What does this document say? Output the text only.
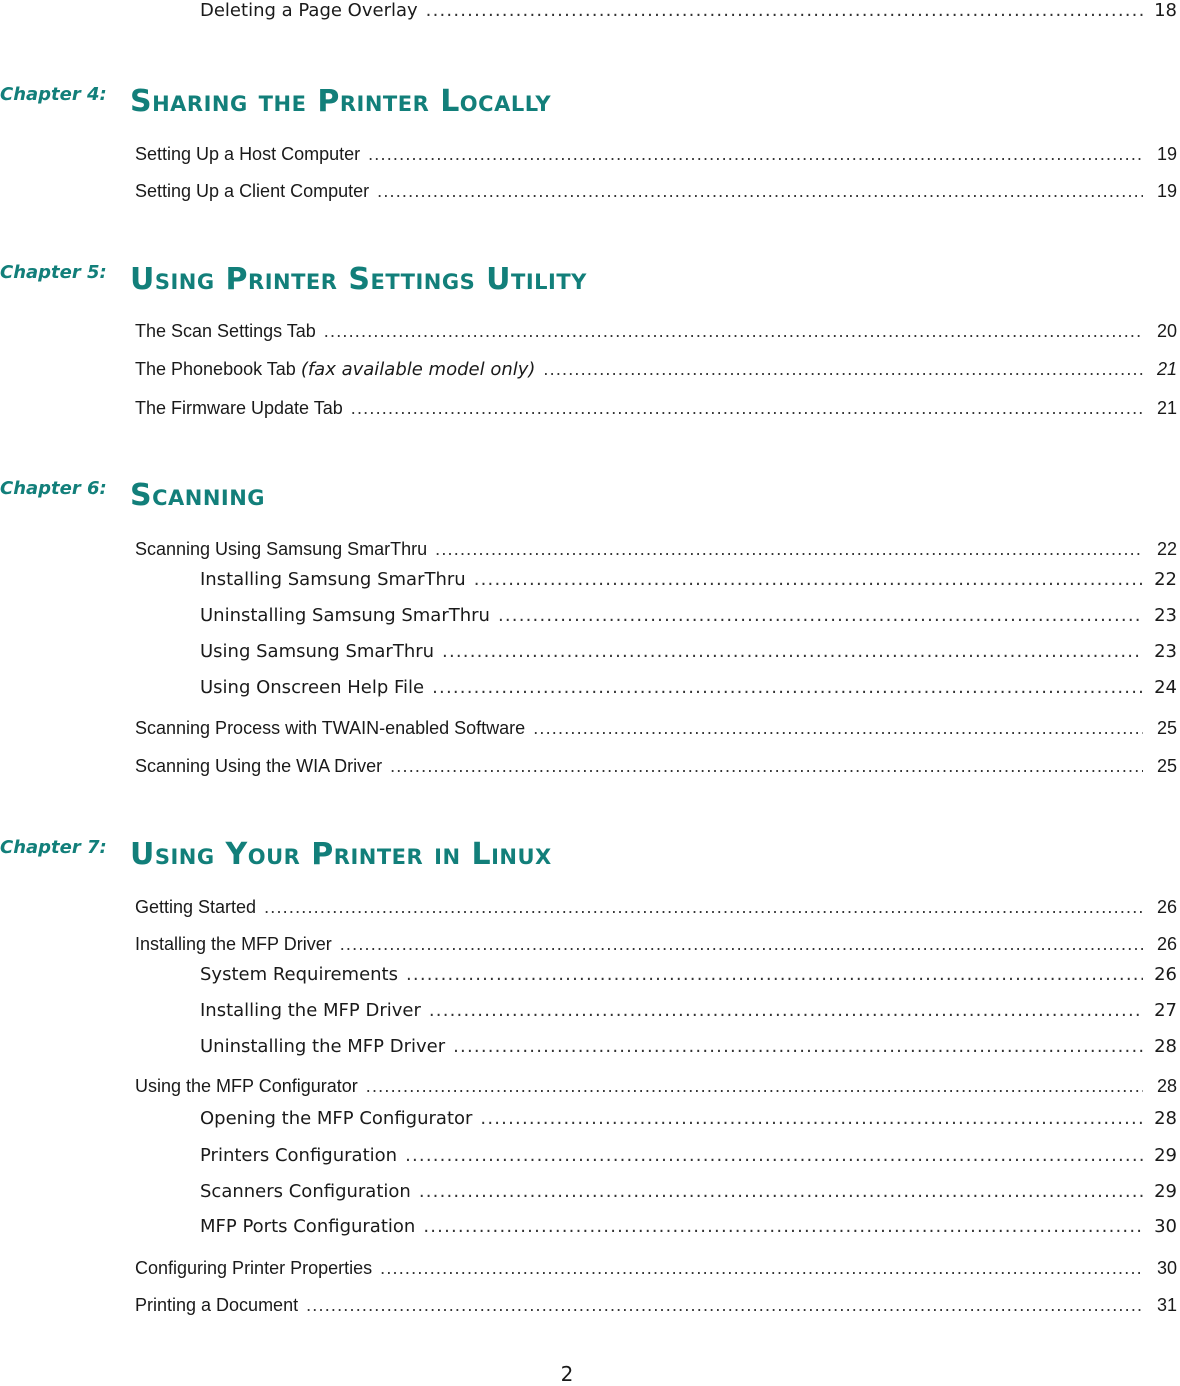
Deleting a Page Overlay .....	18
Chapter 4: Sharing the Printer Locally
Setting Up a Host Computer .....	19
Setting Up a Client Computer .....	19
Chapter 5: Using Printer Settings Utility
The Scan Settings Tab .....	20
The Phonebook Tab (fax available model only) .....	21
The Firmware Update Tab .....	21
Chapter 6: Scanning
Scanning Using Samsung SmarThru .....	22
Installing Samsung SmarThru .....	22
Uninstalling Samsung SmarThru .....	23
Using Samsung SmarThru .....	23
Using Onscreen Help File .....	24
Scanning Process with TWAIN-enabled Software .....	25
Scanning Using the WIA Driver .....	25
Chapter 7: Using Your Printer in Linux
Getting Started .....	26
Installing the MFP Driver .....	26
System Requirements .....	26
Installing the MFP Driver .....	27
Uninstalling the MFP Driver .....	28
Using the MFP Configurator .....	28
Opening the MFP Configurator .....	28
Printers Configuration .....	29
Scanners Configuration .....	29
MFP Ports Configuration .....	30
Configuring Printer Properties .....	30
Printing a Document .....	31
2
